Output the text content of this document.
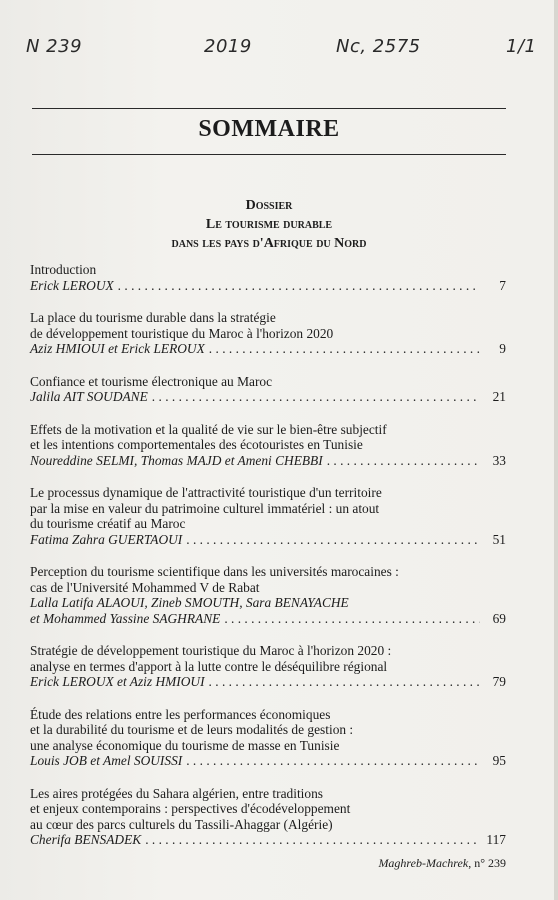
N 239	2019	Nc, 2575	1/1
SOMMAIRE
Dossier
Le tourisme durable
dans les pays d'Afrique du Nord
Introduction
Erick LEROUX . . .	7
La place du tourisme durable dans la stratégie
de développement touristique du Maroc à l'horizon 2020
Aziz HMIOUI et Erick LEROUX . . .	9
Confiance et tourisme électronique au Maroc
Jalila AIT SOUDANE . . .	21
Effets de la motivation et la qualité de vie sur le bien-être subjectif
et les intentions comportementales des écotouristes en Tunisie
Noureddine SELMI, Thomas MAJD et Ameni CHEBBI . . .	33
Le processus dynamique de l'attractivité touristique d'un territoire
par la mise en valeur du patrimoine culturel immatériel : un atout
du tourisme créatif au Maroc
Fatima Zahra GUERTAOUI . . .	51
Perception du tourisme scientifique dans les universités marocaines :
cas de l'Université Mohammed V de Rabat
Lalla Latifa ALAOUI, Zineb SMOUTH, Sara BENAYACHE
et Mohammed Yassine SAGHRANE . . .	69
Stratégie de développement touristique du Maroc à l'horizon 2020 :
analyse en termes d'apport à la lutte contre le déséquilibre régional
Erick LEROUX et Aziz HMIOUI . . .	79
Étude des relations entre les performances économiques
et la durabilité du tourisme et de leurs modalités de gestion :
une analyse économique du tourisme de masse en Tunisie
Louis JOB et Amel SOUISSI . . .	95
Les aires protégées du Sahara algérien, entre traditions
et enjeux contemporains : perspectives d'écodéveloppement
au cœur des parcs culturels du Tassili-Ahaggar (Algérie)
Cherifa BENSADEK . . .	117
Maghreb-Machrek, n° 239
